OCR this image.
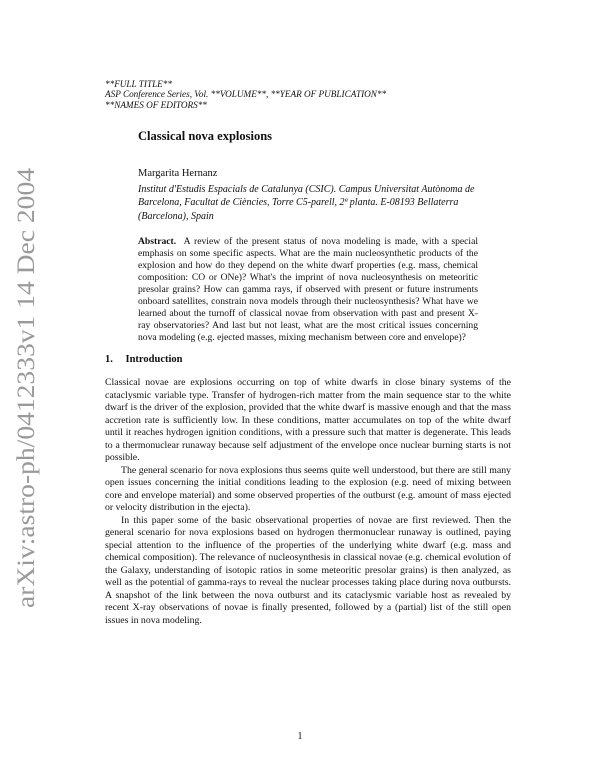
arXiv:astro-ph/0412333v1 14 Dec 2004
**FULL TITLE**
ASP Conference Series, Vol. **VOLUME**, **YEAR OF PUBLICATION**
**NAMES OF EDITORS**
Classical nova explosions
Margarita Hernanz
Institut d'Estudis Espacials de Catalunya (CSIC). Campus Universitat Autònoma de Barcelona, Facultat de Ciències, Torre C5-parell, 2ª planta. E-08193 Bellaterra (Barcelona), Spain
Abstract. A review of the present status of nova modeling is made, with a special emphasis on some specific aspects. What are the main nucleosynthetic products of the explosion and how do they depend on the white dwarf properties (e.g. mass, chemical composition: CO or ONe)? What's the imprint of nova nucleosynthesis on meteoritic presolar grains? How can gamma rays, if observed with present or future instruments onboard satellites, constrain nova models through their nucleosynthesis? What have we learned about the turnoff of classical novae from observation with past and present X-ray observatories? And last but not least, what are the most critical issues concerning nova modeling (e.g. ejected masses, mixing mechanism between core and envelope)?
1. Introduction

Classical novae are explosions occurring on top of white dwarfs in close binary systems of the cataclysmic variable type. Transfer of hydrogen-rich matter from the main sequence star to the white dwarf is the driver of the explosion, provided that the white dwarf is massive enough and that the mass accretion rate is sufficiently low. In these conditions, matter accumulates on top of the white dwarf until it reaches hydrogen ignition conditions, with a pressure such that matter is degenerate. This leads to a thermonuclear runaway because self adjustment of the envelope once nuclear burning starts is not possible.

The general scenario for nova explosions thus seems quite well understood, but there are still many open issues concerning the initial conditions leading to the explosion (e.g. need of mixing between core and envelope material) and some observed properties of the outburst (e.g. amount of mass ejected or velocity distribution in the ejecta).

In this paper some of the basic observational properties of novae are first reviewed. Then the general scenario for nova explosions based on hydrogen thermonuclear runaway is outlined, paying special attention to the influence of the properties of the underlying white dwarf (e.g. mass and chemical composition). The relevance of nucleosynthesis in classical novae (e.g. chemical evolution of the Galaxy, understanding of isotopic ratios in some meteoritic presolar grains) is then analyzed, as well as the potential of gamma-rays to reveal the nuclear processes taking place during nova outbursts. A snapshot of the link between the nova outburst and its cataclysmic variable host as revealed by recent X-ray observations of novae is finally presented, followed by a (partial) list of the still open issues in nova modeling.

1
